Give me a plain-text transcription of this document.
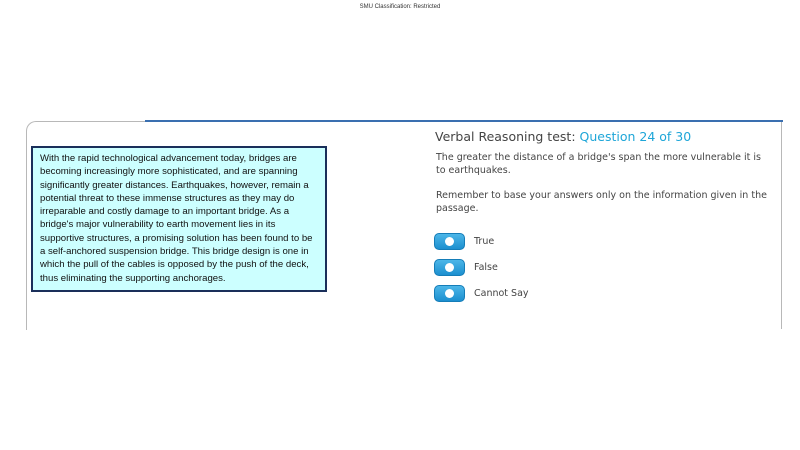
SMU Classification: Restricted
With the rapid technological advancement today, bridges are becoming increasingly more sophisticated, and are spanning significantly greater distances. Earthquakes, however, remain a potential threat to these immense structures as they may do irreparable and costly damage to an important bridge. As a bridge's major vulnerability to earth movement lies in its supportive structures, a promising solution has been found to be a self-anchored suspension bridge. This bridge design is one in which the pull of the cables is opposed by the push of the deck, thus eliminating the supporting anchorages.
Verbal Reasoning test: Question 24 of 30
The greater the distance of a bridge's span the more vulnerable it is to earthquakes.
Remember to base your answers only on the information given in the passage.
True
False
Cannot Say
